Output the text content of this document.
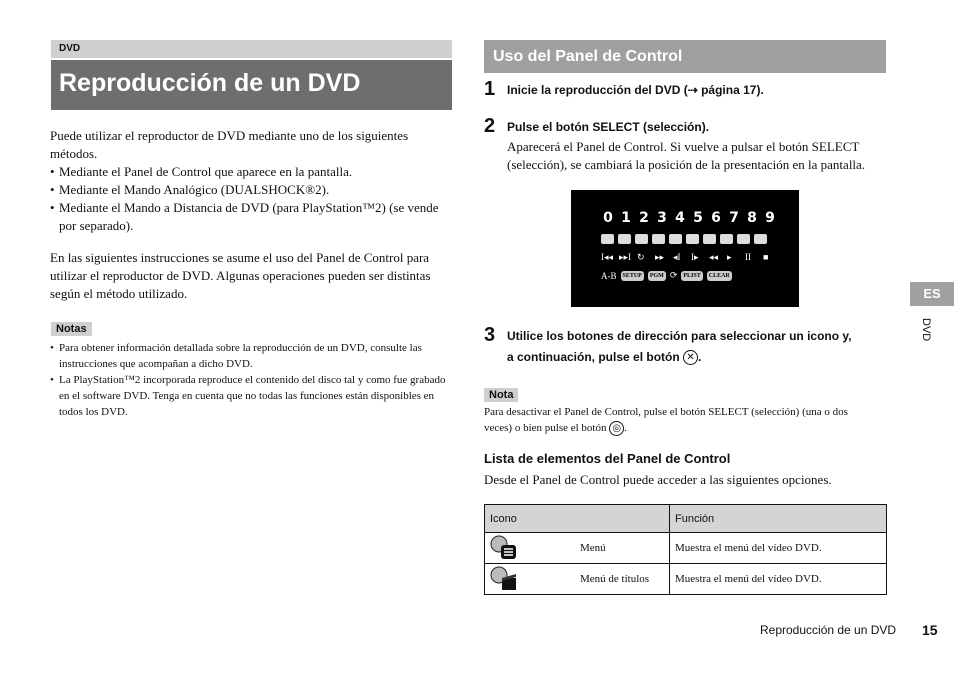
DVD
Reproducción de un DVD
Puede utilizar el reproductor de DVD mediante uno de los siguientes métodos.
• Mediante el Panel de Control que aparece en la pantalla.
• Mediante el Mando Analógico (DUALSHOCK®2).
• Mediante el Mando a Distancia de DVD (para PlayStation™2) (se vende por separado).
En las siguientes instrucciones se asume el uso del Panel de Control para utilizar el reproductor de DVD. Algunas operaciones pueden ser distintas según el método utilizado.
Notas
• Para obtener información detallada sobre la reproducción de un DVD, consulte las instrucciones que acompañan a dicho DVD.
• La PlayStation™2 incorporada reproduce el contenido del disco tal y como fue grabado en el software DVD. Tenga en cuenta que no todas las funciones están disponibles en todos los DVD.
Uso del Panel de Control
1 Inicie la reproducción del DVD (⇢ página 17).
2 Pulse el botón SELECT (selección).
Aparecerá el Panel de Control. Si vuelve a pulsar el botón SELECT (selección), se cambiará la posición de la presentación en la pantalla.
0 1 2 3 4 5 6 7 8 9
I◂◂ ▸▸I ↻	▸▸ ◂I	I▸	◂◂ ▸	II	■
A-B	SETUP	PGM ⟳	PLIST	CLEAR
3 Utilice los botones de dirección para seleccionar un icono y,
a continuación, pulse el botón ✕ .
Nota
Para desactivar el Panel de Control, pulse el botón SELECT (selección) (una o dos
veces) o bien pulse el botón ◎ .
Lista de elementos del Panel de Control
Desde el Panel de Control puede acceder a las siguientes opciones.
Icono	Función

Menú	Muestra el menú del vídeo DVD.

Menú de títulos	Muestra el menú del vídeo DVD.
ES
DVD
Reproducción de un DVD 15
